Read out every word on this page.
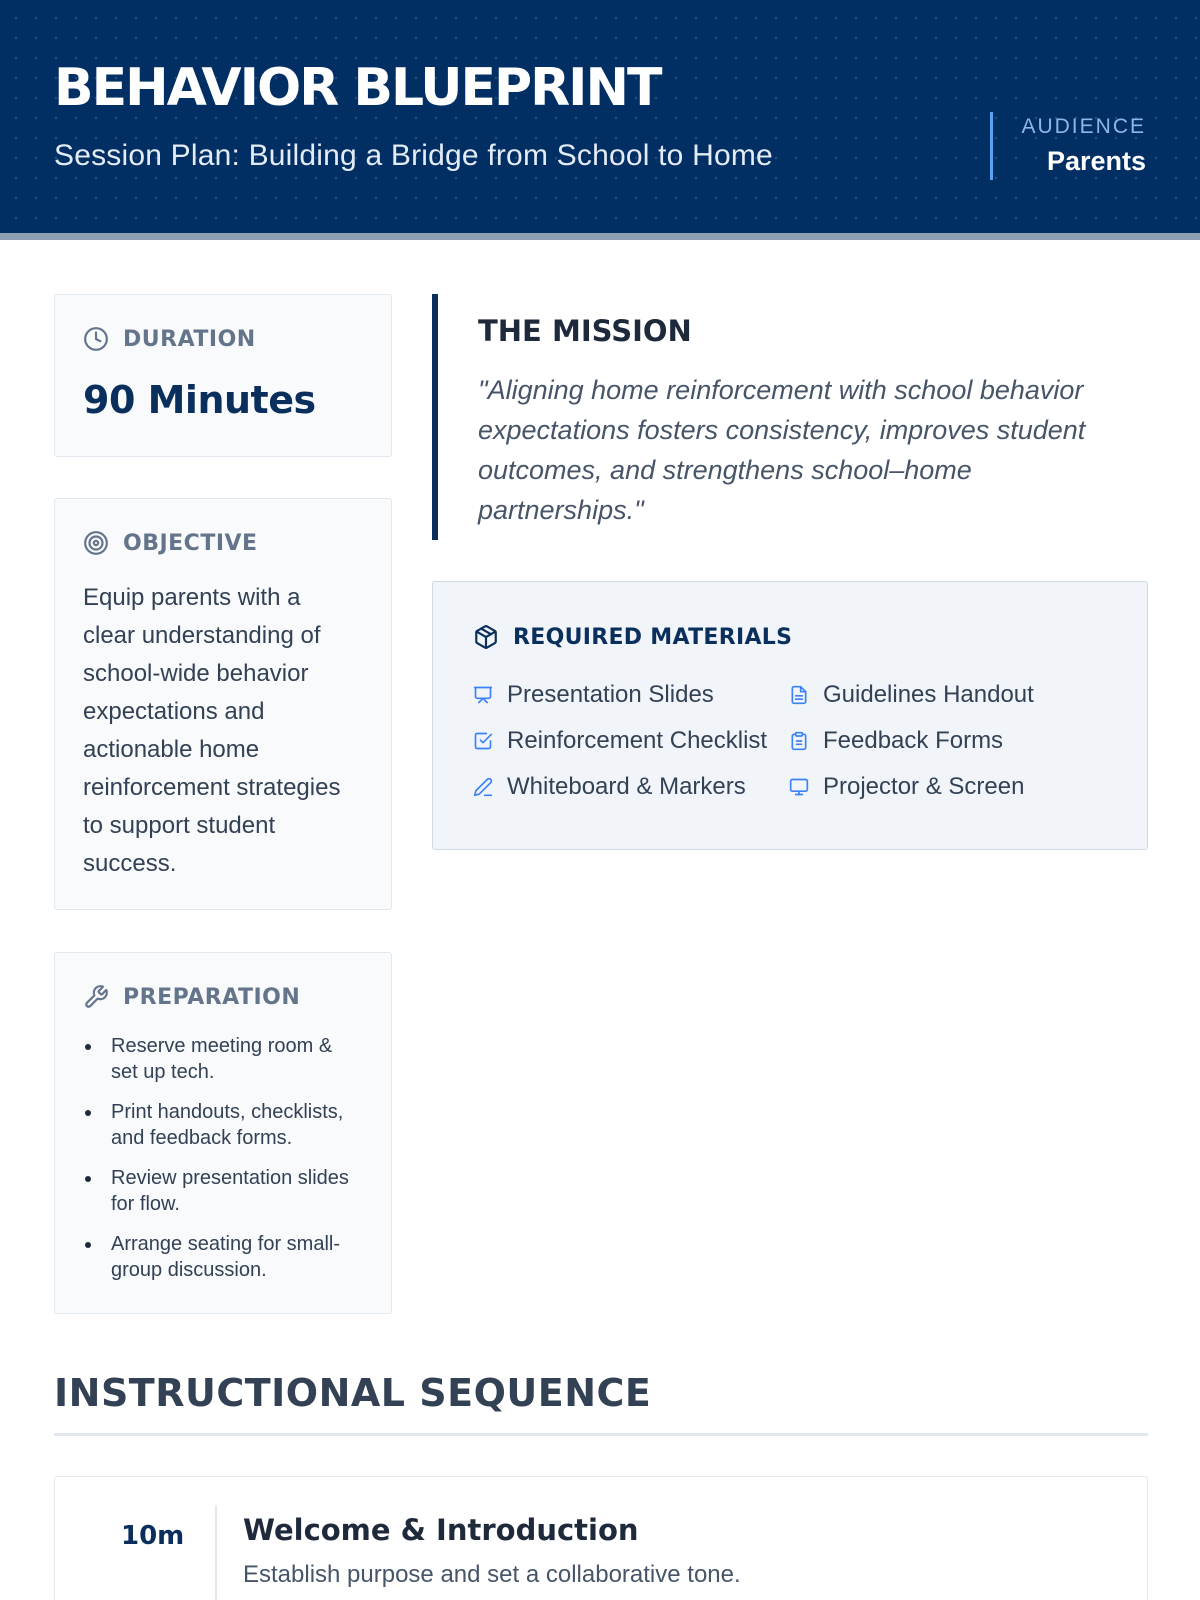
BEHAVIOR BLUEPRINT
Session Plan: Building a Bridge from School to Home
AUDIENCE
Parents
DURATION
90 Minutes
OBJECTIVE
Equip parents with a
clear understanding of
school-wide behavior
expectations and
actionable home
reinforcement strategies
to support student
success.
PREPARATION
Reserve meeting room &
set up tech.
Print handouts, checklists,
and feedback forms.
Review presentation slides
for flow.
Arrange seating for small-
group discussion.
THE MISSION
"Aligning home reinforcement with school behavior
expectations fosters consistency, improves student
outcomes, and strengthens school–home
partnerships."
REQUIRED MATERIALS
Presentation Slides	Guidelines Handout
Reinforcement Checklist Feedback Forms
Whiteboard & Markers	Projector & Screen
INSTRUCTIONAL SEQUENCE
10m Welcome & Introduction
Establish purpose and set a collaborative tone.
